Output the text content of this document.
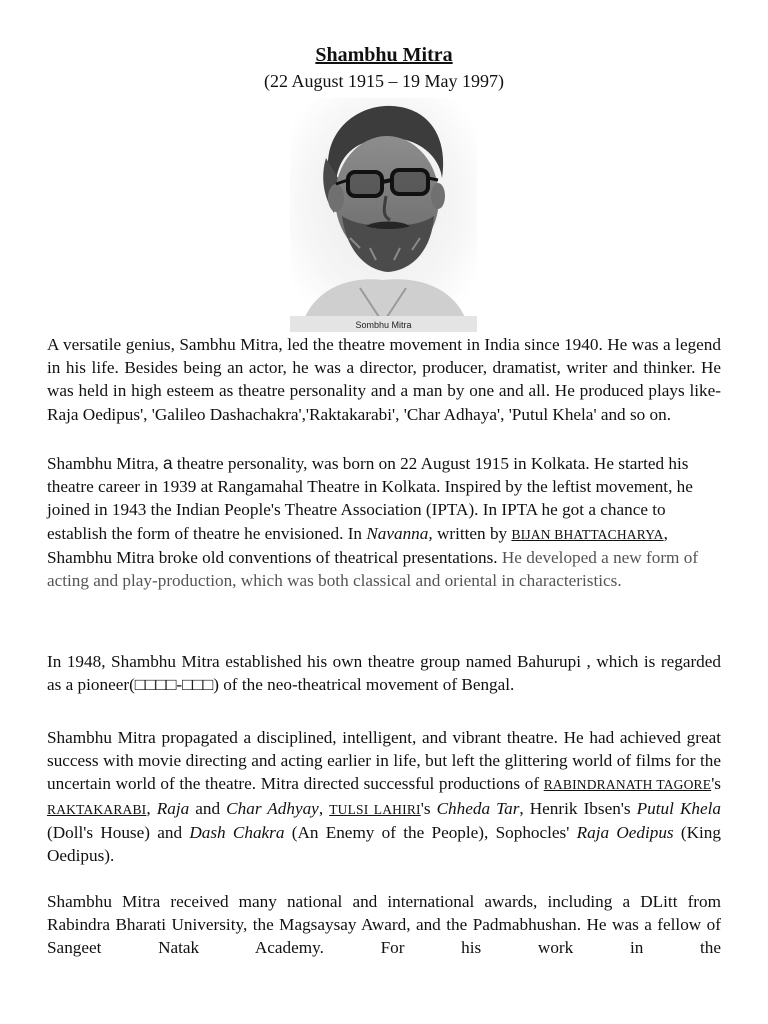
Shambhu Mitra
(22 August 1915 – 19 May 1997)
Sombhu Mitra
A versatile genius, Sambhu Mitra, led the theatre movement in India since 1940. He was a legend in his life. Besides being an actor, he was a director, producer, dramatist, writer and thinker. He was held in high esteem as theatre personality and a man by one and all. He produced plays like-Raja Oedipus', 'Galileo Dashachakra','Raktakarabi', 'Char Adhaya', 'Putul Khela' and so on.
Shambhu Mitra, a theatre personality, was born on 22 August 1915 in Kolkata. He started his theatre career in 1939 at Rangamahal Theatre in Kolkata. Inspired by the leftist movement, he joined in 1943 the Indian People's Theatre Association (IPTA). In IPTA he got a chance to establish the form of theatre he envisioned. In Navanna, written by BIJAN BHATTACHARYA, Shambhu Mitra broke old conventions of theatrical presentations. He developed a new form of acting and play-production, which was both classical and oriental in characteristics.
In 1948, Shambhu Mitra established his own theatre group named Bahurupi , which is regarded as a pioneer(□□□□-□□□) of the neo-theatrical movement of Bengal.
Shambhu Mitra propagated a disciplined, intelligent, and vibrant theatre. He had achieved great success with movie directing and acting earlier in life, but left the glittering world of films for the uncertain world of the theatre. Mitra directed successful productions of RABINDRANATH TAGORE's RAKTAKARABI, Raja and Char Adhyay, TULSI LAHIRI's Chheda Tar, Henrik Ibsen's Putul Khela (Doll's House) and Dash Chakra (An Enemy of the People), Sophocles' Raja Oedipus (King Oedipus).
Shambhu Mitra received many national and international awards, including a DLitt from Rabindra Bharati University, the Magsaysay Award, and the Padmabhushan. He was a fellow of Sangeet Natak Academy. For his work in the
